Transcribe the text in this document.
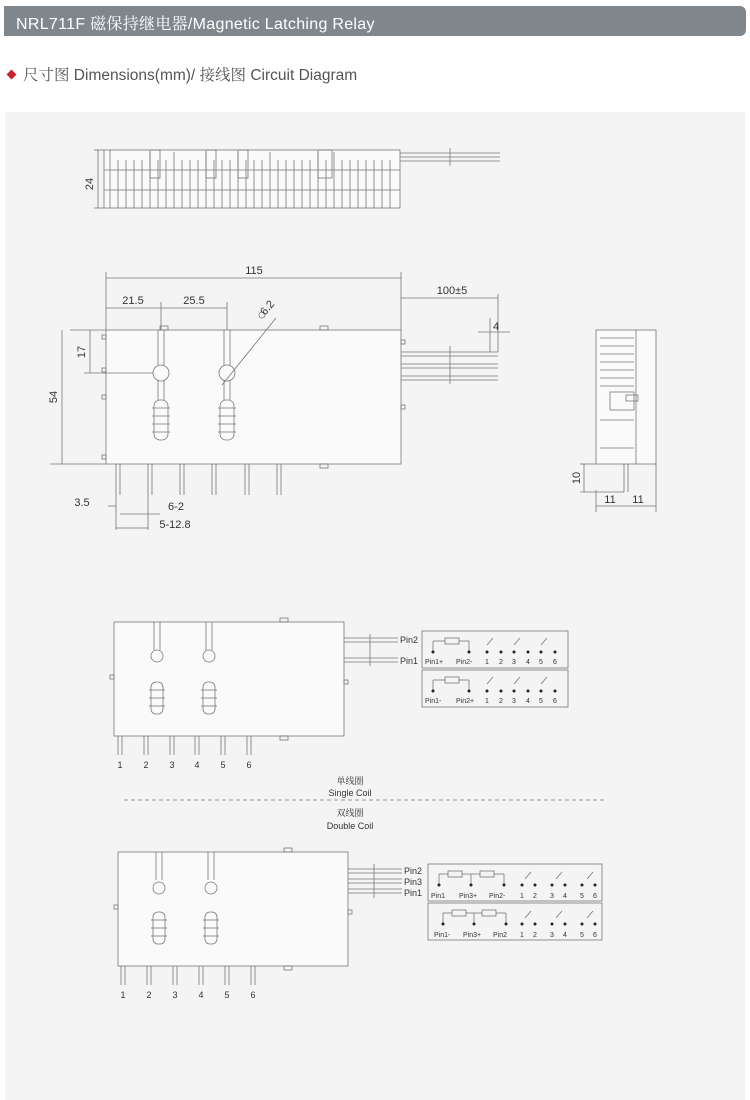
NRL711F 磁保持继电器/Magnetic Latching Relay
尺寸图 Dimensions(mm)/ 接线图 Circuit Diagram
24
115
21.5	25.5	6.2
100±5
4
17
54
3.5	6-2
5-12.8
10
11 11
Pin2
Pin1
1 2 3 4 5 6
单线圈
Single Coil
Pin1+ Pin2-
Pin1- Pin2+
1 2 3 4 5 6
1 2 3 4 5 6
双线圈
Double Coil
Pin2
Pin3
Pin1
1 2 3 4 5 6
Pin1 Pin3+ Pin2-
Pin1- Pin3+ Pin2
1 2 3 4 5 6
1 2 3 4 5 6
